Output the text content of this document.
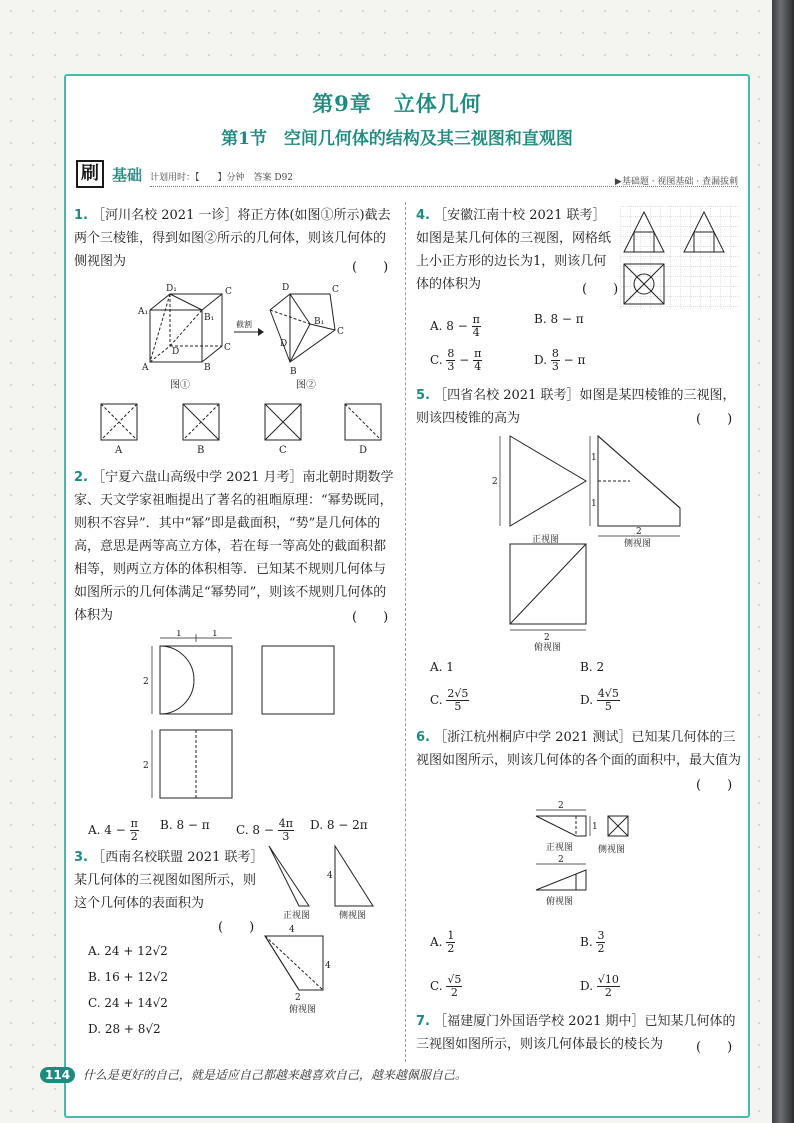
第9章　立体几何
第1节　空间几何体的结构及其三视图和直观图
刷 基础 计划用时：【　　】分钟　答案 D92	▶基础题 · 视图基础 · 查漏拔刺
1. ［河川名校 2021 一诊］将正方体(如图①所示)截去两个三棱锥，得到如图②所示的几何体，则该几何体的侧视图为	(　　)
D₁	C
A₁
B₁
D	C
A	B
截割
D	C
B₁
C
D
B
图①	图②
A	B	C	D
2. ［宁夏六盘山高级中学 2021 月考］南北朝时期数学家、天文学家祖暅提出了著名的祖暅原理：“幂势既同，则积不容异”．其中“幂”即是截面积，“势”是几何体的高，意思是两等高立方体，若在每一等高处的截面积都相等，则两立方体的体积相等．已知某不规则几何体与如图所示的几何体满足“幂势同”，则该不规则几何体的体积为	(　　)
1	1
2
2
A. $4 - \frac{\pi}{2} B$. 8 − π C. $8 - \frac{4\pi}{3} D$. 8 − 2π
3. ［西南名校联盟 2021 联考］某几何体的三视图如图所示，则这个几何体的表面积为
(　　)
4
4
4
2
正视图	侧视图
俯视图
A. 24 + 12√2
B. 16 + 12√2
C. 24 + 14√2
D. 28 + 8√2
4. ［安徽江南十校 2021 联考］如图是某几何体的三视图，网格纸上小正方形的边长为1，则该几何体的体积为	(　　)
A. $8 - \frac{\pi}{4}$	B. 8 − π
C. $\frac{8}{3} - \frac{\pi}{4}$	D. $\frac{8}{3} - \pi$
5. ［四省名校 2021 联考］如图是某四棱锥的三视图，则该四棱锥的高为	(　　)
2
1
1
2
2
正视图	侧视图
俯视图
A. 1	B. 2
C. $\frac{2√5}{5}$	D. $\frac{4√5}{5}$
6. ［浙江杭州桐庐中学 2021 测试］已知某几何体的三视图如图所示，则该几何体的各个面的面积中，最大值为
(　　)
2
1
2
正视图	侧视图
俯视图
A. $\frac{1}{2}$	B. $\frac{3}{2}$
C. $\frac{√5}{2}$	D. $\frac{√10}{2}$
7. ［福建厦门外国语学校 2021 期中］已知某几何体的三视图如图所示，则该几何体最长的棱长为	(　　)
114 什么是更好的自己，就是适应自己都越来越喜欢自己，越来越佩服自己。
